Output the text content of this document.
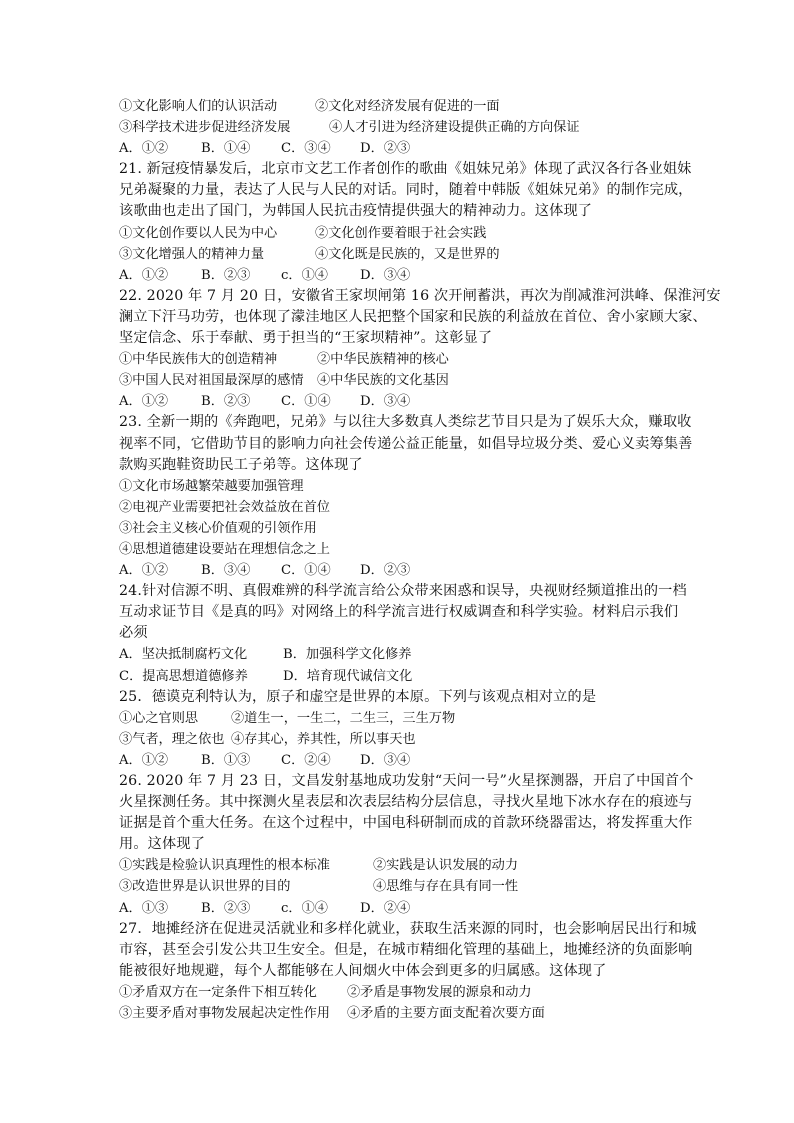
①文化影响人们的认识活动	②文化对经济发展有促进的一面
③科学技术进步促进经济发展	④人才引进为经济建设提供正确的方向保证
A．①②	B．①④	C．③④	D．②③
21. 新冠疫情暴发后，北京市文艺工作者创作的歌曲《姐妹兄弟》体现了武汉各行各业姐妹
兄弟凝聚的力量，表达了人民与人民的对话。同时，随着中韩版《姐妹兄弟》的制作完成，
该歌曲也走出了国门，为韩国人民抗击疫情提供强大的精神动力。这体现了
①文化创作要以人民为中心	②文化创作要着眼于社会实践
③文化增强人的精神力量	④文化既是民族的，又是世界的
A．①②	B．②③	c．①④	D．③④
22. 2020 年 7 月 20 日，安徽省王家坝闸第 16 次开闸蓄洪，再次为削减淮河洪峰、保淮河安
澜立下汗马功劳，也体现了濛洼地区人民把整个国家和民族的利益放在首位、舍小家顾大家、
坚定信念、乐于奉献、勇于担当的“王家坝精神”。这彰显了
①中华民族伟大的创造精神	②中华民族精神的核心
③中国人民对祖国最深厚的感情	④中华民族的文化基因
A．①②	B．②③	C．①④	D．③④
23. 全新一期的《奔跑吧，兄弟》与以往大多数真人类综艺节目只是为了娱乐大众，赚取收
视率不同，它借助节目的影响力向社会传递公益正能量，如倡导垃圾分类、爱心义卖筹集善
款购买跑鞋资助民工子弟等。这体现了
①文化市场越繁荣越要加强管理
②电视产业需要把社会效益放在首位
③社会主义核心价值观的引领作用
④思想道德建设要站在理想信念之上
A．①②	B．③④	C．①④	D．②③
24.针对信源不明、真假难辨的科学流言给公众带来困惑和误导，央视财经频道推出的一档
互动求证节目《是真的吗》对网络上的科学流言进行权威调查和科学实验。材料启示我们
必须
A．坚决抵制腐朽文化	B．加强科学文化修养
C．提高思想道德修养	D．培育现代诚信文化
25．德谟克利特认为，原子和虚空是世界的本原。下列与该观点相对立的是
①心之官则思	②道生一，一生二，二生三，三生万物
③气者，理之依也 ④存其心，养其性，所以事天也
A．①②	B．①③	C．②④	D．③④
26. 2020 年 7 月 23 日，文昌发射基地成功发射“天问一号”火星探测器，开启了中国首个
火星探测任务。其中探测火星表层和次表层结构分层信息，寻找火星地下冰水存在的痕迹与
证据是首个重大任务。在这个过程中，中国电科研制而成的首款环绕器雷达，将发挥重大作
用。这体现了
①实践是检验认识真理性的根本标准	②实践是认识发展的动力
③改造世界是认识世界的目的	④思维与存在具有同一性
A．①③	B．②③	c．①④	D．②④
27．地摊经济在促进灵活就业和多样化就业，获取生活来源的同时，也会影响居民出行和城
市容，甚至会引发公共卫生安全。但是，在城市精细化管理的基础上，地摊经济的负面影响
能被很好地规避，每个人都能够在人间烟火中体会到更多的归属感。这体现了
①矛盾双方在一定条件下相互转化	②矛盾是事物发展的源泉和动力
③主要矛盾对事物发展起决定性作用	④矛盾的主要方面支配着次要方面
